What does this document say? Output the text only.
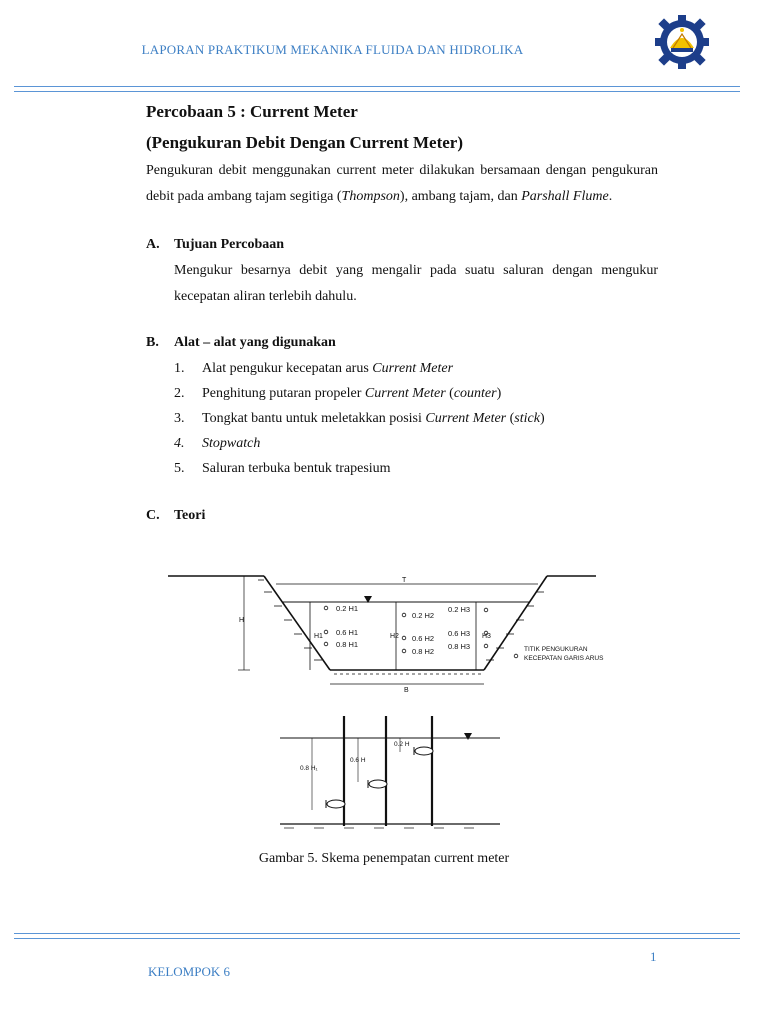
LAPORAN PRAKTIKUM MEKANIKA FLUIDA DAN HIDROLIKA
Percobaan 5 : Current Meter
(Pengukuran Debit Dengan Current Meter)

Pengukuran debit menggunakan current meter dilakukan bersamaan dengan pengukuran debit pada ambang tajam segitiga (Thompson), ambang tajam, dan Parshall Flume.

A.	Tujuan Percobaan
Mengukur besarnya debit yang mengalir pada suatu saluran dengan mengukur kecepatan aliran terlebih dahulu.
B.	Alat – alat yang digunakan
1.	Alat pengukur kecepatan arus Current Meter
2.	Penghitung putaran propeler Current Meter (counter)
3.	Tongkat bantu untuk meletakkan posisi Current Meter (stick)
4.	Stopwatch
5.	Saluran terbuka bentuk trapesium
C.	Teori
T
H
B
H1	H2	H3
0.2 H1
0.6 H1
0.8 H1
0.2 H2
0.6 H2
0.8 H2
0.2 H3
0.6 H3
0.8 H3	TITIK PENGUKURAN
KECEPATAN GARIS ARUS
0.8 H₁
0.6 H
0.2 H
Gambar 5. Skema penempatan current meter
1
KELOMPOK 6
